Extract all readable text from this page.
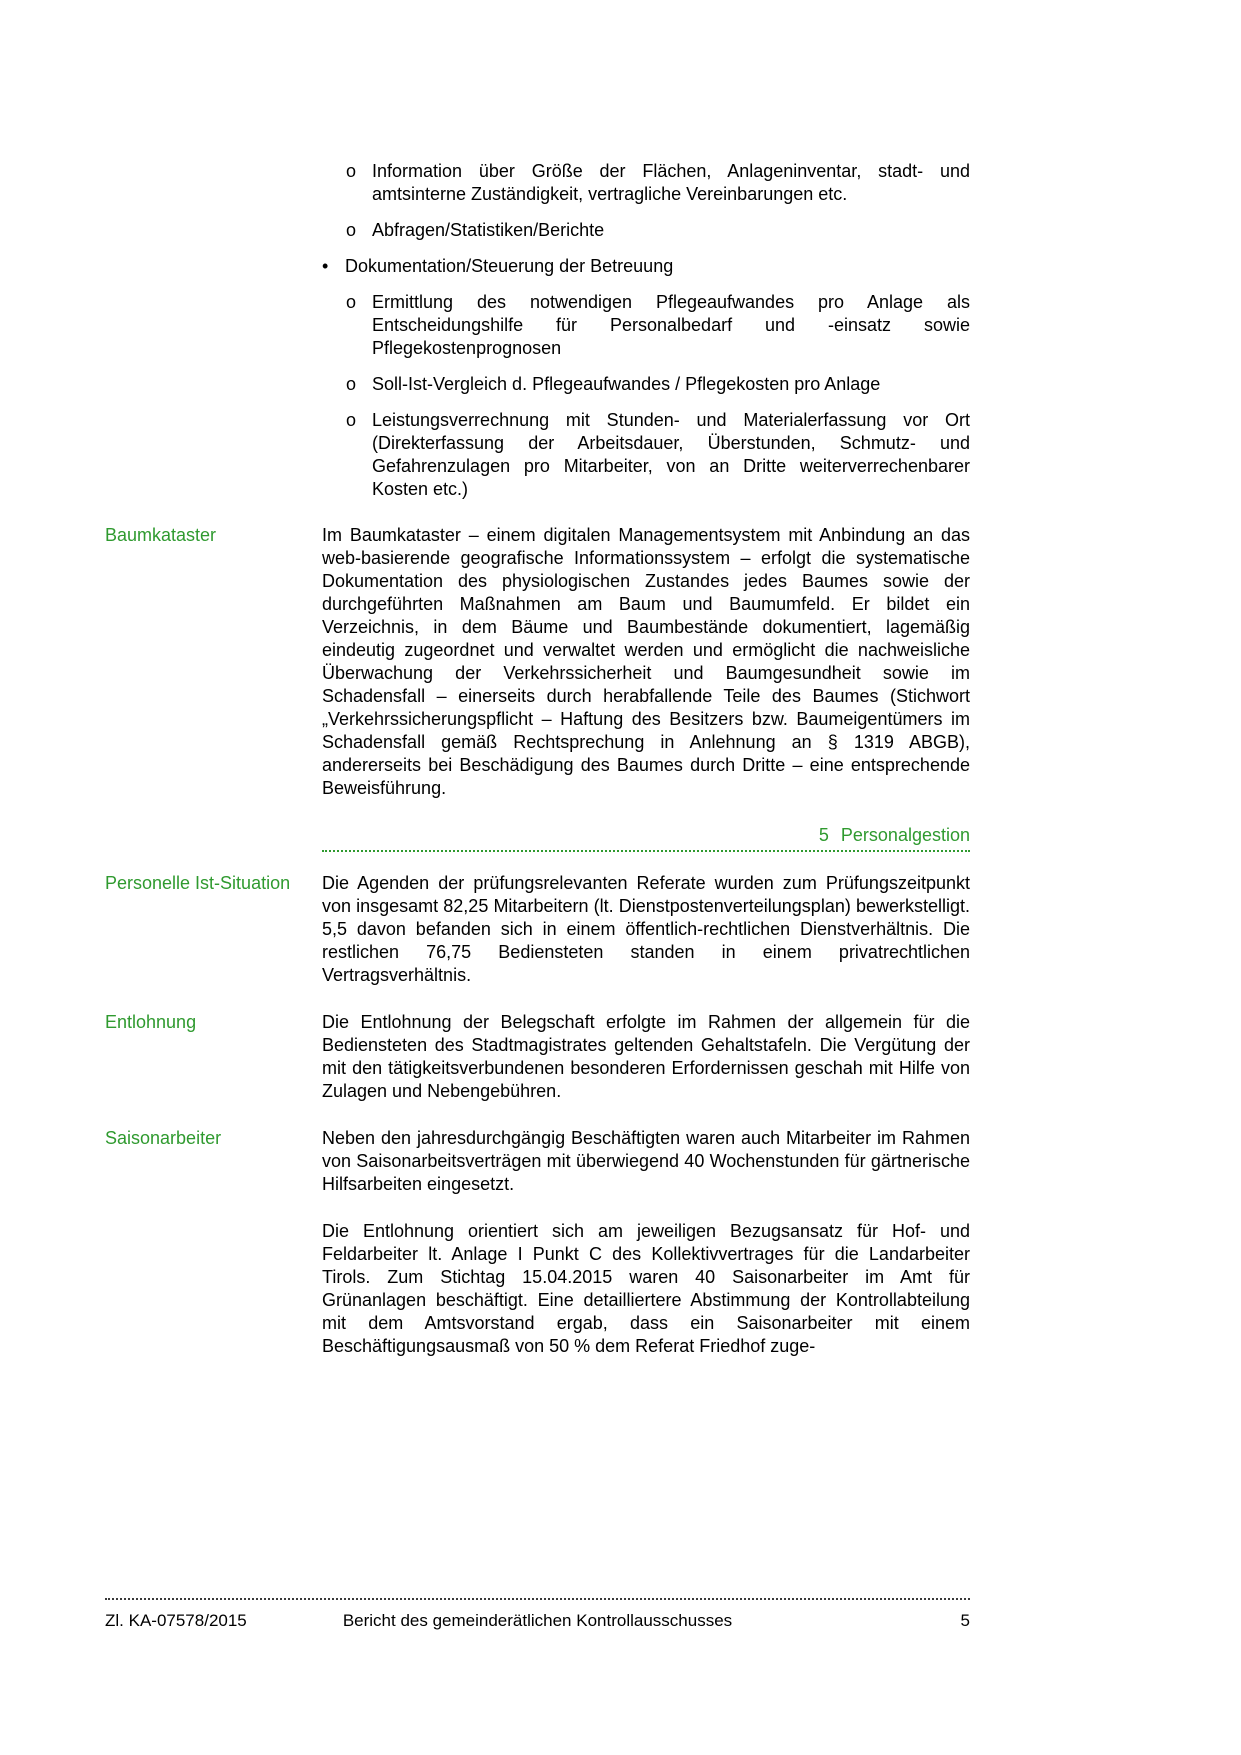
o Information über Größe der Flächen, Anlageninventar, stadt- und amtsinterne Zuständigkeit, vertragliche Vereinbarungen etc.
o Abfragen/Statistiken/Berichte
• Dokumentation/Steuerung der Betreuung
o Ermittlung des notwendigen Pflegeaufwandes pro Anlage als Entscheidungshilfe für Personalbedarf und -einsatz sowie Pflegekostenprognosen
o Soll-Ist-Vergleich d. Pflegeaufwandes / Pflegekosten pro Anlage
o Leistungsverrechnung mit Stunden- und Materialerfassung vor Ort (Direkterfassung der Arbeitsdauer, Überstunden, Schmutz- und Gefahrenzulagen pro Mitarbeiter, von an Dritte weiterverrechenbarer Kosten etc.)
Baumkataster	Im Baumkataster – einem digitalen Managementsystem mit Anbindung an das web-basierende geografische Informationssystem – erfolgt die systematische Dokumentation des physiologischen Zustandes jedes Baumes sowie der durchgeführten Maßnahmen am Baum und Baumumfeld. Er bildet ein Verzeichnis, in dem Bäume und Baumbestände dokumentiert, lagemäßig eindeutig zugeordnet und verwaltet werden und ermöglicht die nachweisliche Überwachung der Verkehrssicherheit und Baumgesundheit sowie im Schadensfall – einerseits durch herabfallende Teile des Baumes (Stichwort „Verkehrssicherungspflicht – Haftung des Besitzers bzw. Baumeigentümers im Schadensfall gemäß Rechtsprechung in Anlehnung an § 1319 ABGB), andererseits bei Beschädigung des Baumes durch Dritte – eine entsprechende Beweisführung.
5 Personalgestion
Personelle Ist-Situation	Die Agenden der prüfungsrelevanten Referate wurden zum Prüfungszeitpunkt von insgesamt 82,25 Mitarbeitern (lt. Dienstpostenverteilungsplan) bewerkstelligt. 5,5 davon befanden sich in einem öffentlich-rechtlichen Dienstverhältnis. Die restlichen 76,75 Bediensteten standen in einem privatrechtlichen Vertragsverhältnis.
Entlohnung	Die Entlohnung der Belegschaft erfolgte im Rahmen der allgemein für die Bediensteten des Stadtmagistrates geltenden Gehaltstafeln. Die Vergütung der mit den tätigkeitsverbundenen besonderen Erfordernissen geschah mit Hilfe von Zulagen und Nebengebühren.
Saisonarbeiter	Neben den jahresdurchgängig Beschäftigten waren auch Mitarbeiter im Rahmen von Saisonarbeitsverträgen mit überwiegend 40 Wochenstunden für gärtnerische Hilfsarbeiten eingesetzt.
Die Entlohnung orientiert sich am jeweiligen Bezugsansatz für Hof- und Feldarbeiter lt. Anlage I Punkt C des Kollektivvertrages für die Landarbeiter Tirols. Zum Stichtag 15.04.2015 waren 40 Saisonarbeiter im Amt für Grünanlagen beschäftigt. Eine detailliertere Abstimmung der Kontrollabteilung mit dem Amtsvorstand ergab, dass ein Saisonarbeiter mit einem Beschäftigungsausmaß von 50 % dem Referat Friedhof zuge-
Zl. KA-07578/2015	Bericht des gemeinderätlichen Kontrollausschusses	5
